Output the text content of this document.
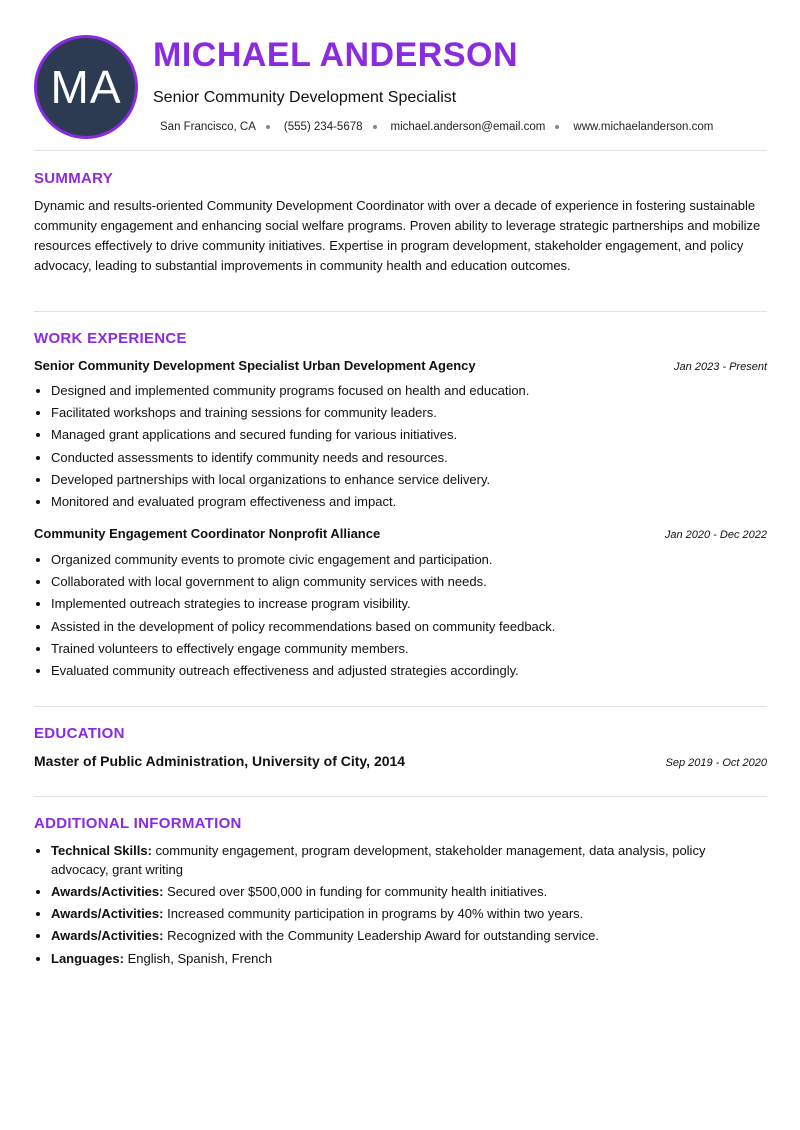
MA
MICHAEL ANDERSON
Senior Community Development Specialist
San Francisco, CA (555) 234-5678 michael.anderson@email.com www.michaelanderson.com
SUMMARY

Dynamic and results-oriented Community Development Coordinator with over a decade of experience in fostering sustainable community engagement and enhancing social welfare programs. Proven ability to leverage strategic partnerships and mobilize resources effectively to drive community initiatives. Expertise in program development, stakeholder engagement, and policy advocacy, leading to substantial improvements in community health and education outcomes.

WORK EXPERIENCE
Senior Community Development Specialist Urban Development Agency	Jan 2023 - Present
• Designed and implemented community programs focused on health and education.
• Facilitated workshops and training sessions for community leaders.
• Managed grant applications and secured funding for various initiatives.
• Conducted assessments to identify community needs and resources.
• Developed partnerships with local organizations to enhance service delivery.
• Monitored and evaluated program effectiveness and impact.
Community Engagement Coordinator Nonprofit Alliance	Jan 2020 - Dec 2022
• Organized community events to promote civic engagement and participation.
• Collaborated with local government to align community services with needs.
• Implemented outreach strategies to increase program visibility.
• Assisted in the development of policy recommendations based on community feedback.
• Trained volunteers to effectively engage community members.
• Evaluated community outreach effectiveness and adjusted strategies accordingly.
EDUCATION
Master of Public Administration, University of City, 2014	Sep 2019 - Oct 2020
ADDITIONAL INFORMATION
• Technical Skills: community engagement, program development, stakeholder management, data analysis, policy advocacy, grant writing
• Awards/Activities: Secured over $500,000 in funding for community health initiatives.
• Awards/Activities: Increased community participation in programs by 40% within two years.
• Awards/Activities: Recognized with the Community Leadership Award for outstanding service.
• Languages: English, Spanish, French
